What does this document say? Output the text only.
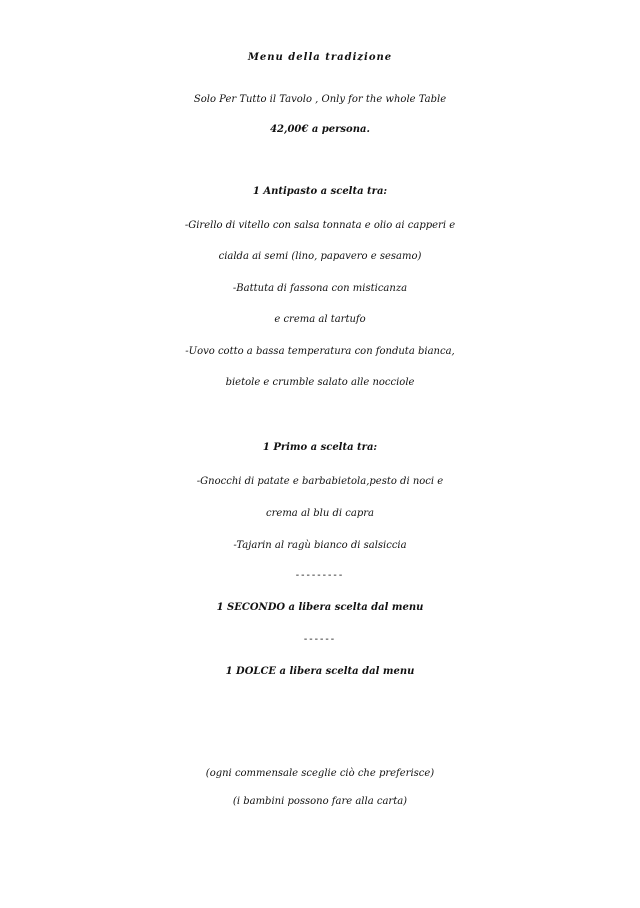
Menu della tradizione
Solo Per Tutto il Tavolo , Only for the whole Table
42,00€ a persona.
1 Antipasto a scelta tra:
-Girello di vitello con salsa tonnata e olio ai capperi e
cialda ai semi (lino, papavero e sesamo)
-Battuta di fassona con misticanza
e crema al tartufo
-Uovo cotto a bassa temperatura con fonduta bianca,
bietole e crumble salato alle nocciole
1 Primo a scelta tra:
-Gnocchi di patate e barbabietola,pesto di noci e
crema al blu di capra
-Tajarin al ragù bianco di salsiccia
---------
1 SECONDO a libera scelta dal menu
------
1 DOLCE a libera scelta dal menu
(ogni commensale sceglie ciò che preferisce)
(i bambini possono fare alla carta)
